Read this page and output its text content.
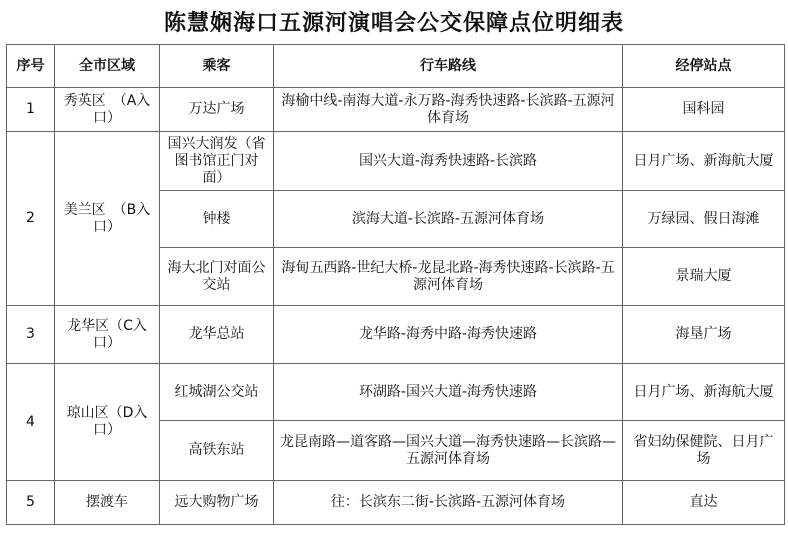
陈慧娴海口五源河演唱会公交保障点位明细表
序号	全市区域	乘客	行车路线	经停站点
1	秀英区　（A入口）	万达广场	海榆中线-南海大道-永万路-海秀快速路-长滨路-五源河体育场	国科园
2	美兰区　（B入口）	国兴大润发（省图书馆正门对面）	国兴大道-海秀快速路-长滨路	日月广场、新海航大厦
		钟楼	滨海大道-长滨路-五源河体育场	万绿园、假日海滩
		海大北门对面公交站	海甸五西路-世纪大桥-龙昆北路-海秀快速路-长滨路-五源河体育场	景瑞大厦
3	龙华区（C入口）	龙华总站	龙华路-海秀中路-海秀快速路	海垦广场
4	琼山区（D入口）	红城湖公交站	环湖路-国兴大道-海秀快速路	日月广场、新海航大厦
		高铁东站	龙昆南路—道客路—国兴大道—海秀快速路—长滨路—五源河体育场	省妇幼保健院、日月广场
5	摆渡车	远大购物广场	往：长滨东二街-长滨路-五源河体育场	直达
